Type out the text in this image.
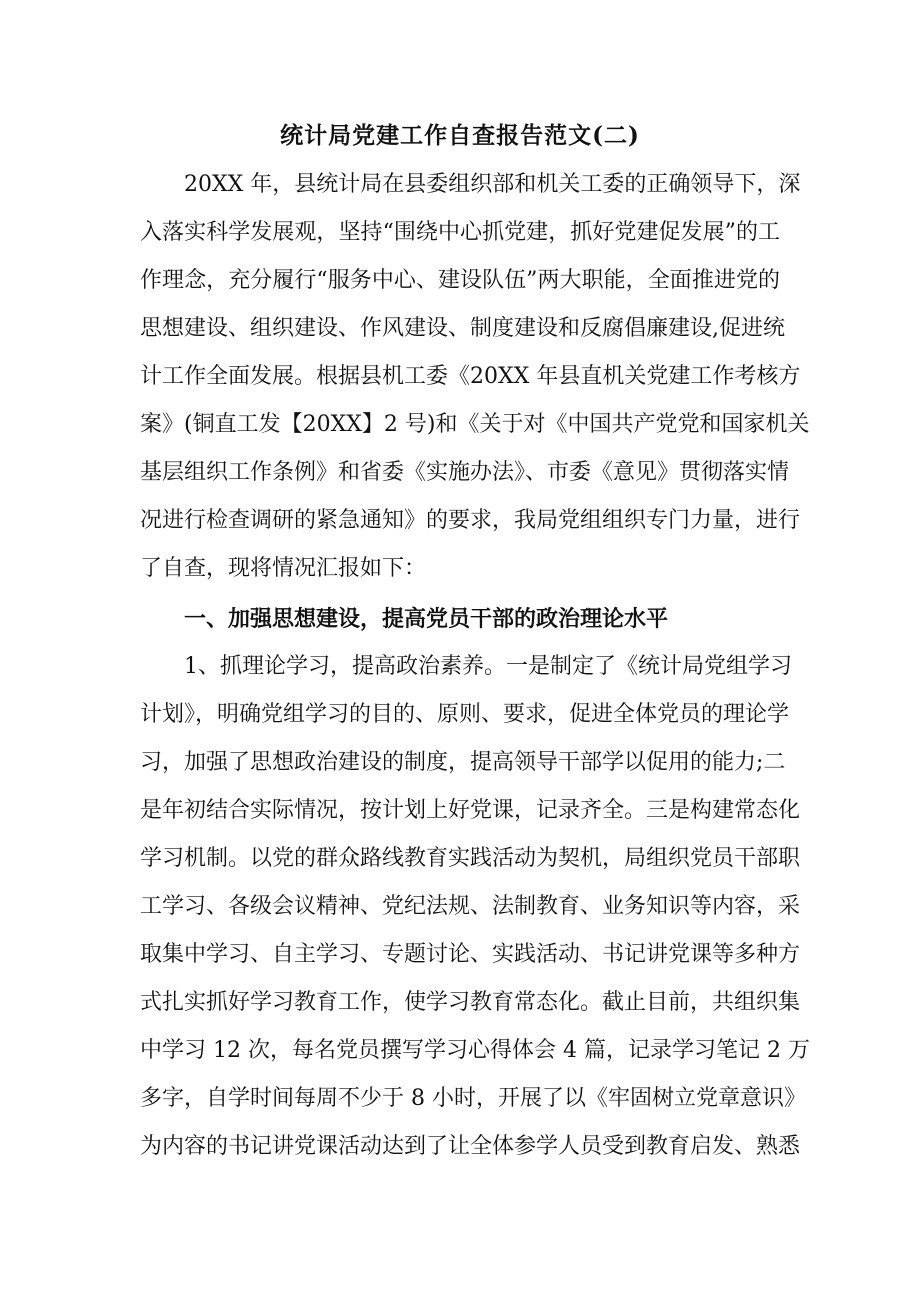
统计局党建工作自查报告范文(二)
20XX 年，县统计局在县委组织部和机关工委的正确领导下，深
入落实科学发展观，坚持“围绕中心抓党建，抓好党建促发展”的工
作理念，充分履行“服务中心、建设队伍”两大职能，全面推进党的
思想建设、组织建设、作风建设、制度建设和反腐倡廉建设,促进统
计工作全面发展。根据县机工委《20XX 年县直机关党建工作考核方
案》(铜直工发【20XX】2 号)和《关于对《中国共产党党和国家机关
基层组织工作条例》和省委《实施办法》、市委《意见》贯彻落实情
况进行检查调研的紧急通知》的要求，我局党组组织专门力量，进行
了自查，现将情况汇报如下：
一、加强思想建设，提高党员干部的政治理论水平
1、抓理论学习，提高政治素养。一是制定了《统计局党组学习
计划》，明确党组学习的目的、原则、要求，促进全体党员的理论学
习，加强了思想政治建设的制度，提高领导干部学以促用的能力;二
是年初结合实际情况，按计划上好党课，记录齐全。三是构建常态化
学习机制。以党的群众路线教育实践活动为契机，局组织党员干部职
工学习、各级会议精神、党纪法规、法制教育、业务知识等内容，采
取集中学习、自主学习、专题讨论、实践活动、书记讲党课等多种方
式扎实抓好学习教育工作，使学习教育常态化。截止目前，共组织集
中学习 12 次，每名党员撰写学习心得体会 4 篇，记录学习笔记 2 万
多字，自学时间每周不少于 8 小时，开展了以《牢固树立党章意识》
为内容的书记讲党课活动达到了让全体参学人员受到教育启发、熟悉
